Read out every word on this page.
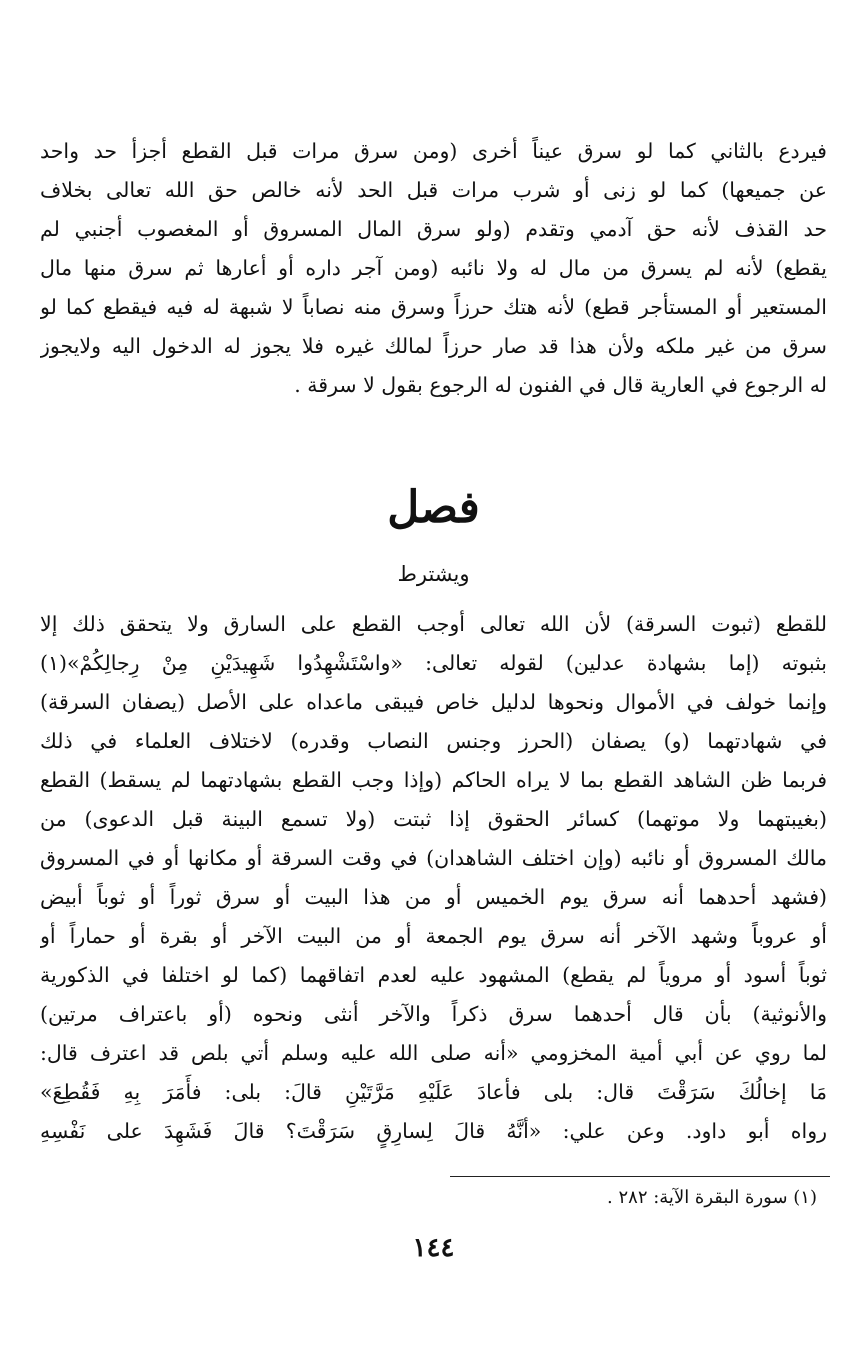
فيردع بالثاني كما لو سرق عيناً أخرى (ومن سرق مرات قبل القطع أجزأ حد واحد
عن جميعها) كما لو زنى أو شرب مرات قبل الحد لأنه خالص حق الله تعالى بخلاف
حد القذف لأنه حق آدمي وتقدم (ولو سرق المال المسروق أو المغصوب أجنبي لم
يقطع) لأنه لم يسرق من مال له ولا نائبه (ومن آجر داره أو أعارها ثم سرق منها مال
المستعير أو المستأجر قطع) لأنه هتك حرزاً وسرق منه نصاباً لا شبهة له فيه فيقطع كما لو
سرق من غير ملكه ولأن هذا قد صار حرزاً لمالك غيره فلا يجوز له الدخول اليه ولايجوز
له الرجوع في العارية قال في الفنون له الرجوع بقول لا سرقة .
فصل
ويشترط
للقطع (ثبوت السرقة) لأن الله تعالى أوجب القطع على السارق ولا يتحقق ذلك إلا
بثبوته (إما بشهادة عدلين) لقوله تعالى: «واسْتَشْهِدُوا شَهِيدَيْنِ مِنْ رِجالِكُمْ»(١)
وإنما خولف في الأموال ونحوها لدليل خاص فيبقى ماعداه على الأصل (يصفان السرقة)
في شهادتهما (و) يصفان (الحرز وجنس النصاب وقدره) لاختلاف العلماء في ذلك
فربما ظن الشاهد القطع بما لا يراه الحاكم (وإذا وجب القطع بشهادتهما لم يسقط) القطع
(بغيبتهما ولا موتهما) كسائر الحقوق إذا ثبتت (ولا تسمع البينة قبل الدعوى) من
مالك المسروق أو نائبه (وإن اختلف الشاهدان) في وقت السرقة أو مكانها أو في المسروق
(فشهد أحدهما أنه سرق يوم الخميس أو من هذا البيت أو سرق ثوراً أو ثوباً أبيض
أو عروباً وشهد الآخر أنه سرق يوم الجمعة أو من البيت الآخر أو بقرة أو حماراً أو
ثوباً أسود أو مروياً لم يقطع) المشهود عليه لعدم اتفاقهما (كما لو اختلفا في الذكورية
والأنوثية) بأن قال أحدهما سرق ذكراً والآخر أنثى ونحوه (أو باعتراف مرتين)
لما روي عن أبي أمية المخزومي «أنه صلى الله عليه وسلم أتي بلص قد اعترف قال:
مَا إخالُكَ سَرَقْتَ قال: بلى فأعادَ عَلَيْهِ مَرَّتَيْنِ قالَ: بلى: فأَمَرَ بِهِ فَقُطِعَ»
رواه أبو داود. وعن علي: «أنَّهُ قالَ لِسارِقٍ سَرَقْتَ؟ قالَ فَشَهِدَ على نَفْسِهِ
(١) سورة البقرة الآية: ٢٨٢ .
١٤٤
